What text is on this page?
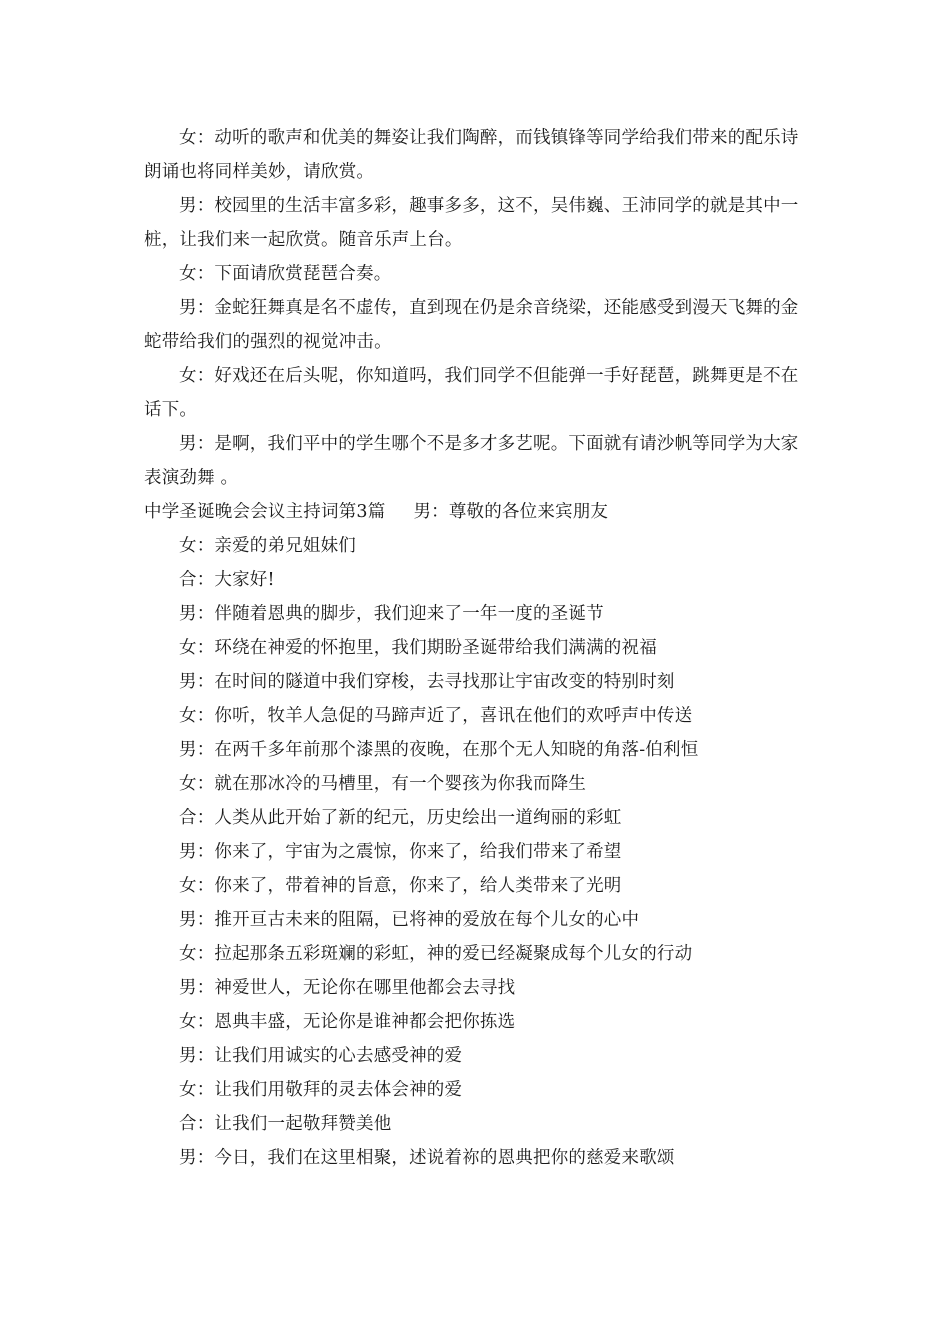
女：动听的歌声和优美的舞姿让我们陶醉，而钱镇锋等同学给我们带来的配乐诗朗诵也将同样美妙，请欣赏。

男：校园里的生活丰富多彩，趣事多多，这不，吴伟巍、王沛同学的就是其中一桩，让我们来一起欣赏。随音乐声上台。

女：下面请欣赏琵琶合奏。

男：金蛇狂舞真是名不虚传，直到现在仍是余音绕梁，还能感受到漫天飞舞的金蛇带给我们的强烈的视觉冲击。

女：好戏还在后头呢，你知道吗，我们同学不但能弹一手好琵琶，跳舞更是不在话下。

男：是啊，我们平中的学生哪个不是多才多艺呢。下面就有请沙帆等同学为大家表演劲舞 。

中学圣诞晚会会议主持词第3篇 男：尊敬的各位来宾朋友

女：亲爱的弟兄姐妹们

合：大家好!

男：伴随着恩典的脚步，我们迎来了一年一度的圣诞节

女：环绕在神爱的怀抱里，我们期盼圣诞带给我们满满的祝福

男：在时间的隧道中我们穿梭，去寻找那让宇宙改变的特别时刻

女：你听，牧羊人急促的马蹄声近了，喜讯在他们的欢呼声中传送

男：在两千多年前那个漆黑的夜晚，在那个无人知晓的角落-伯利恒

女：就在那冰冷的马槽里，有一个婴孩为你我而降生

合：人类从此开始了新的纪元，历史绘出一道绚丽的彩虹

男：你来了，宇宙为之震惊，你来了，给我们带来了希望

女：你来了，带着神的旨意，你来了，给人类带来了光明

男：推开亘古未来的阻隔，已将神的爱放在每个儿女的心中

女：拉起那条五彩斑斓的彩虹，神的爱已经凝聚成每个儿女的行动

男：神爱世人，无论你在哪里他都会去寻找

女：恩典丰盛，无论你是谁神都会把你拣选

男：让我们用诚实的心去感受神的爱

女：让我们用敬拜的灵去体会神的爱

合：让我们一起敬拜赞美他

男：今日，我们在这里相聚，述说着祢的恩典把你的慈爱来歌颂
